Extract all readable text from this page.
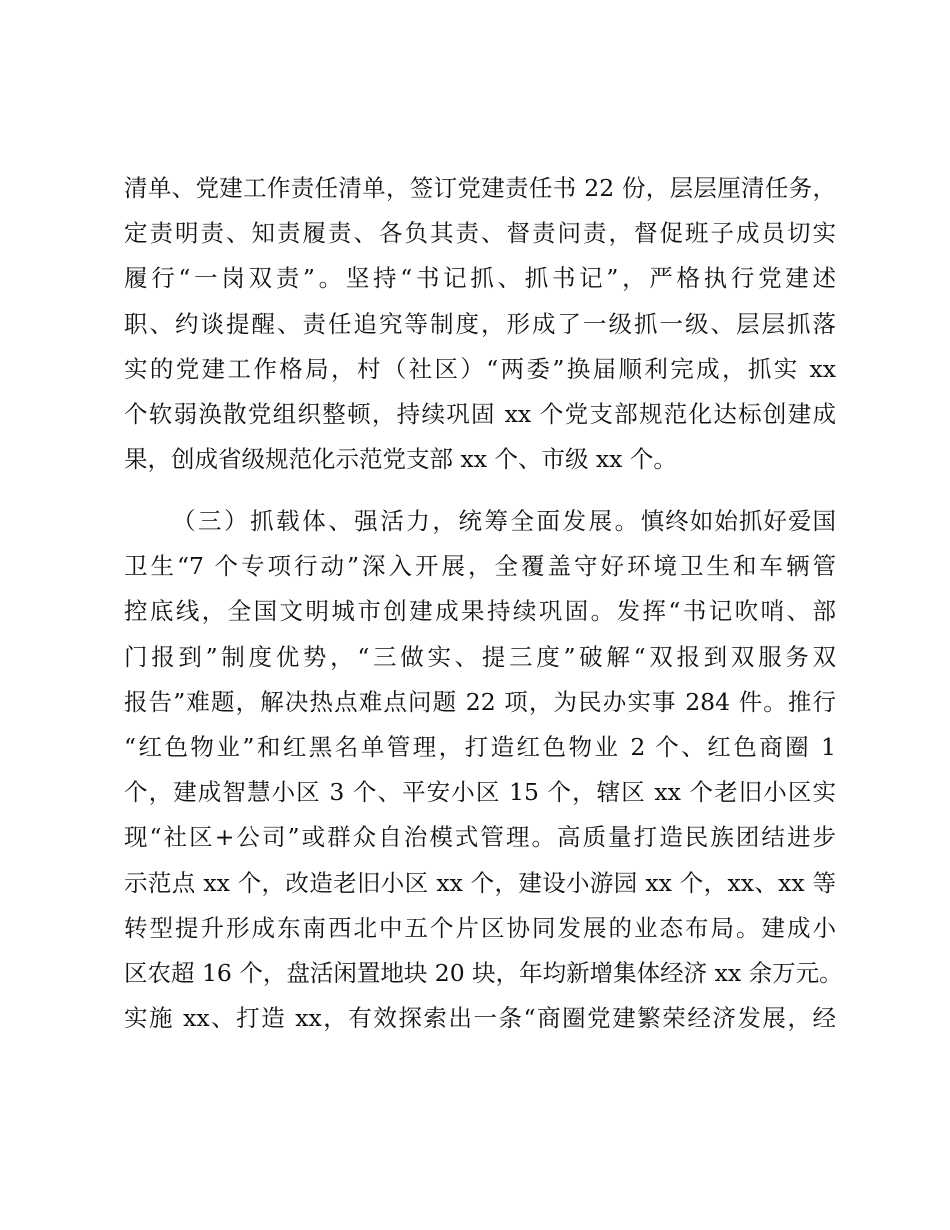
清单、党建工作责任清单，签订党建责任书 22 份，层层厘清任务，
定责明责、知责履责、各负其责、督责问责，督促班子成员切实
履行“一岗双责”。坚持“书记抓、抓书记”，严格执行党建述
职、约谈提醒、责任追究等制度，形成了一级抓一级、层层抓落
实的党建工作格局，村（社区）“两委”换届顺利完成，抓实 xx
个软弱涣散党组织整顿，持续巩固 xx 个党支部规范化达标创建成
果，创成省级规范化示范党支部 xx 个、市级 xx 个。
（三）抓载体、强活力，统筹全面发展。慎终如始抓好爱国
卫生“7 个专项行动”深入开展，全覆盖守好环境卫生和车辆管
控底线，全国文明城市创建成果持续巩固。发挥“书记吹哨、部
门报到”制度优势，“三做实、提三度”破解“双报到双服务双
报告”难题，解决热点难点问题 22 项，为民办实事 284 件。推行
“红色物业”和红黑名单管理，打造红色物业 2 个、红色商圈 1
个，建成智慧小区 3 个、平安小区 15 个，辖区 xx 个老旧小区实
现“社区+公司”或群众自治模式管理。高质量打造民族团结进步
示范点 xx 个，改造老旧小区 xx 个，建设小游园 xx 个，xx、xx 等
转型提升形成东南西北中五个片区协同发展的业态布局。建成小
区农超 16 个，盘活闲置地块 20 块，年均新增集体经济 xx 余万元。
实施 xx、打造 xx，有效探索出一条“商圈党建繁荣经济发展，经
